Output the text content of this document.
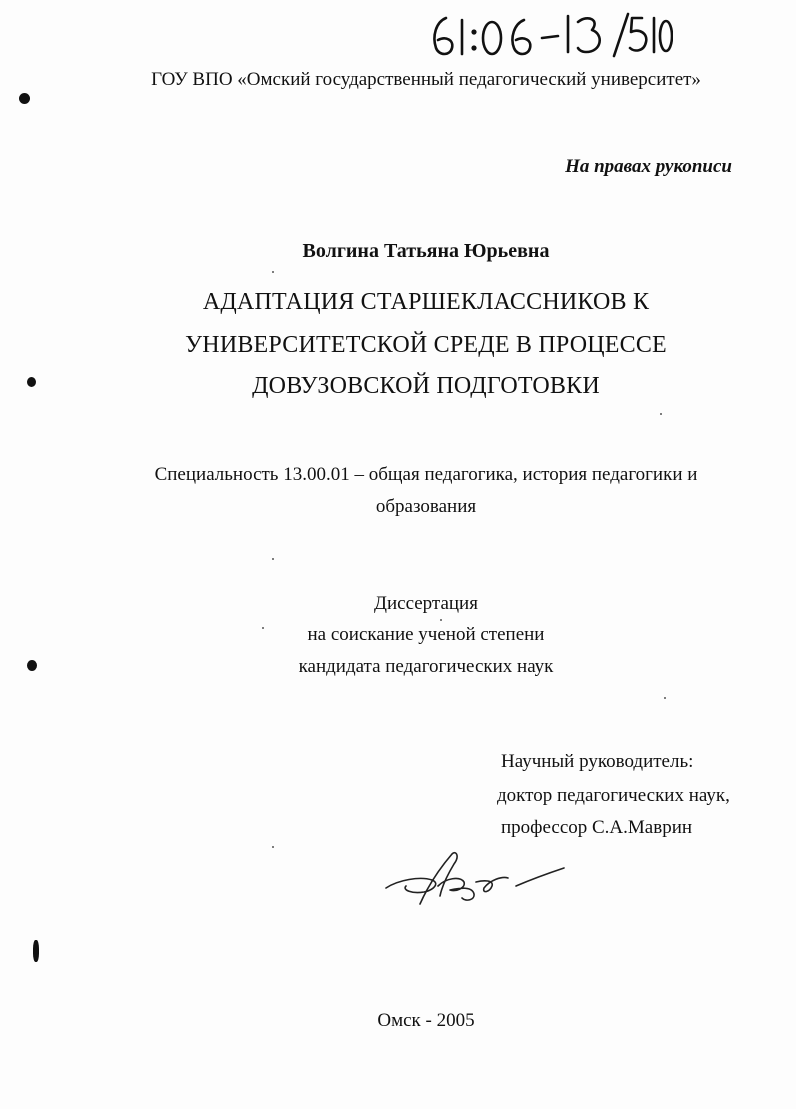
ГОУ ВПО «Омский государственный педагогический университет»
На правах рукописи
Волгина Татьяна Юрьевна
АДАПТАЦИЯ СТАРШЕКЛАССНИКОВ К
УНИВЕРСИТЕТСКОЙ СРЕДЕ В ПРОЦЕССЕ
ДОВУЗОВСКОЙ ПОДГОТОВКИ
Специальность 13.00.01 – общая педагогика, история педагогики и
образования
Диссертация
на соискание ученой степени
кандидата педагогических наук
Научный руководитель:
доктор педагогических наук,
профессор С.А.Маврин
Омск - 2005
